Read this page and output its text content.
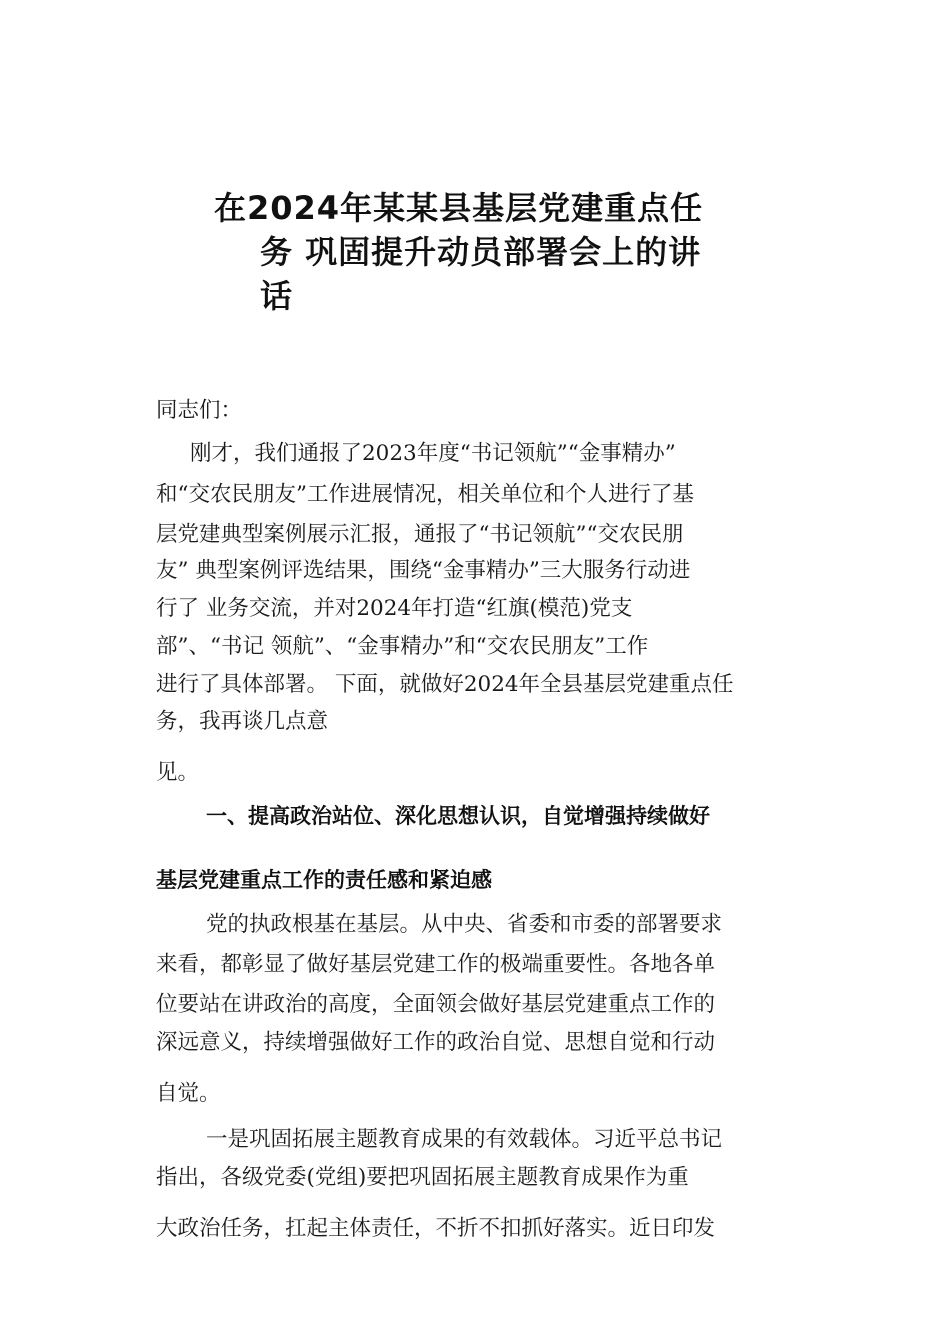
在2024年某某县基层党建重点任
务 巩固提升动员部署会上的讲
话
同志们：
刚才，我们通报了2023年度“书记领航”“金事精办”
和“交农民朋友”工作进展情况，相关单位和个人进行了基
层党建典型案例展示汇报，通报了“书记领航”“交农民朋
友” 典型案例评选结果，围绕“金事精办”三大服务行动进
行了 业务交流，并对2024年打造“红旗(模范)党支
部”、“书记 领航”、“金事精办”和“交农民朋友”工作
进行了具体部署。 下面，就做好2024年全县基层党建重点任
务，我再谈几点意
见。
一、提高政治站位、深化思想认识，自觉增强持续做好
基层党建重点工作的责任感和紧迫感
党的执政根基在基层。从中央、省委和市委的部署要求
来看，都彰显了做好基层党建工作的极端重要性。各地各单
位要站在讲政治的高度，全面领会做好基层党建重点工作的
深远意义，持续增强做好工作的政治自觉、思想自觉和行动
自觉。
一是巩固拓展主题教育成果的有效载体。习近平总书记
指出，各级党委(党组)要把巩固拓展主题教育成果作为重
大政治任务，扛起主体责任，不折不扣抓好落实。近日印发
